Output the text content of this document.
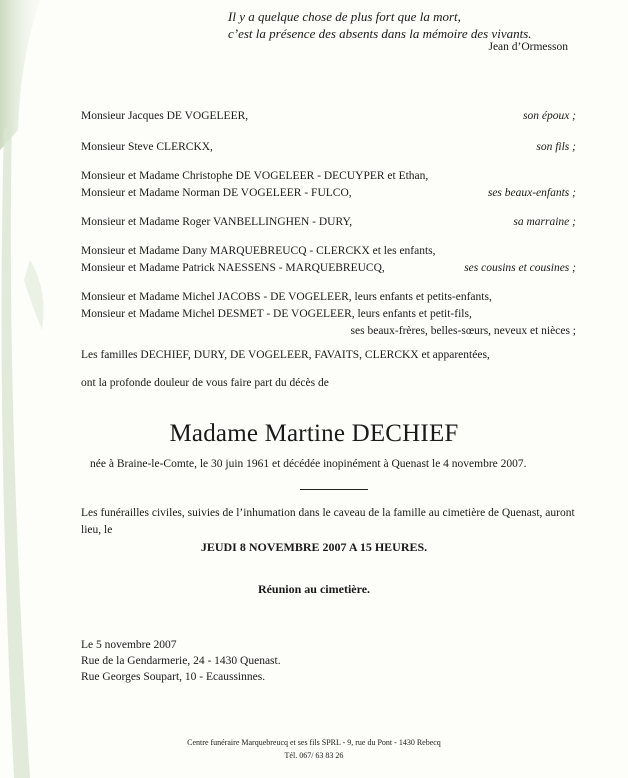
Il y a quelque chose de plus fort que la mort,
c’est la présence des absents dans la mémoire des vivants.
Jean d’Ormesson
Monsieur Jacques DE VOGELEER,	son époux ;
Monsieur Steve CLERCKX,	son fils ;
Monsieur et Madame Christophe DE VOGELEER - DECUYPER et Ethan,
Monsieur et Madame Norman DE VOGELEER - FULCO,	ses beaux-enfants ;
Monsieur et Madame Roger VANBELLINGHEN - DURY,	sa marraine ;
Monsieur et Madame Dany MARQUEBREUCQ - CLERCKX et les enfants,
Monsieur et Madame Patrick NAESSENS - MARQUEBREUCQ,	ses cousins et cousines ;
Monsieur et Madame Michel JACOBS - DE VOGELEER, leurs enfants et petits-enfants,
Monsieur et Madame Michel DESMET - DE VOGELEER, leurs enfants et petit-fils,
ses beaux-frères, belles-sœurs, neveux et nièces ;
Les familles DECHIEF, DURY, DE VOGELEER, FAVAITS, CLERCKX et apparentées,
ont la profonde douleur de vous faire part du décès de
Madame Martine DECHIEF
née à Braine-le-Comte, le 30 juin 1961 et décédée inopinément à Quenast le 4 novembre 2007.
Les funérailles civiles, suivies de l’inhumation dans le caveau de la famille au cimetière de Quenast, auront lieu, le
JEUDI 8 NOVEMBRE 2007 A 15 HEURES.
Réunion au cimetière.
Le 5 novembre 2007
Rue de la Gendarmerie, 24 - 1430 Quenast.
Rue Georges Soupart, 10 - Ecaussinnes.
Centre funéraire Marquebreucq et ses fils SPRL - 9, rue du Pont - 1430 Rebecq
Tél. 067/ 63 83 26
